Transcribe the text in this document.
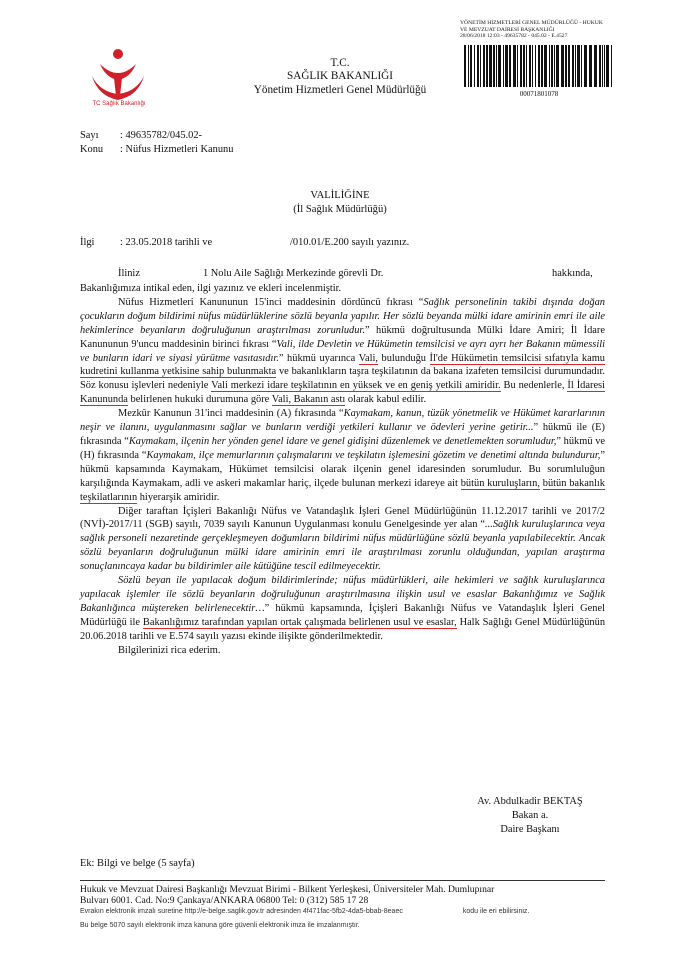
TC Sağlık Bakanlığı
T.C.
SAĞLIK BAKANLIĞI
Yönetim Hizmetleri Genel Müdürlüğü
YÖNETİM HİZMETLERİ GENEL MÜDÜRLÜĞÜ - HUKUK
VE MEVZUAT DAİRESİ BAŞKANLIĞI
28/06/2018 12:03 - 49635782 - 045.02 - E.4527
00071801078
Sayı : 49635782/045.02-
Konu : Nüfus Hizmetleri Kanunu
VALİLİĞİNE
(İl Sağlık Müdürlüğü)
İlgi : 23.05.2018 tarihli ve	/010.01/E.200 sayılı yazınız.
İliniz	1 Nolu Aile Sağlığı Merkezinde görevli Dr.	hakkında,

Bakanlığımıza intikal eden, ilgi yazınız ve ekleri incelenmiştir.

Nüfus Hizmetleri Kanununun 15'inci maddesinin dördüncü fıkrası “Sağlık personelinin takibi dışında doğan çocukların doğum bildirimi nüfus müdürlüklerine sözlü beyanla yapılır. Her sözlü beyanda mülki idare amirinin emri ile aile hekimlerince beyanların doğruluğunun araştırılması zorunludur.” hükmü doğrultusunda Mülki İdare Amiri; İl İdare Kanununun 9'uncu maddesinin birinci fıkrası “Vali, ilde Devletin ve Hükümetin temsilcisi ve ayrı ayrı her Bakanın mümessili ve bunların idari ve siyasi yürütme vasıtasıdır.” hükmü uyarınca Vali, bulunduğu İl'de Hükümetin temsilcisi sıfatıyla kamu kudretini kullanma yetkisine sahip bulunmakta ve bakanlıkların taşra teşkilatının da bakana izafeten temsilcisi durumundadır. Söz konusu işlevleri nedeniyle Vali merkezi idare teşkilatının en yüksek ve en geniş yetkili amiridir. Bu nedenlerle, İl İdaresi Kanununda belirlenen hukuki durumuna göre Vali, Bakanın astı olarak kabul edilir.

Mezkûr Kanunun 31'inci maddesinin (A) fıkrasında “Kaymakam, kanun, tüzük yönetmelik ve Hükümet kararlarının neşir ve ilanını, uygulanmasını sağlar ve bunların verdiği yetkileri kullanır ve ödevleri yerine getirir...” hükmü ile (E) fıkrasında “Kaymakam, ilçenin her yönden genel idare ve genel gidişini düzenlemek ve denetlemekten sorumludur,” hükmü ve (H) fıkrasında “Kaymakam, ilçe memurlarının çalışmalarını ve teşkilatın işlemesini gözetim ve denetimi altında bulundurur,” hükmü kapsamında Kaymakam, Hükümet temsilcisi olarak ilçenin genel idaresinden sorumludur. Bu sorumluluğun karşılığında Kaymakam, adli ve askeri makamlar hariç, ilçede bulunan merkezi idareye ait bütün kuruluşların, bütün bakanlık teşkilatlarının hiyerarşik amiridir.

Diğer taraftan İçişleri Bakanlığı Nüfus ve Vatandaşlık İşleri Genel Müdürlüğünün 11.12.2017 tarihli ve 2017/2 (NVİ)-2017/11 (SGB) sayılı, 7039 sayılı Kanunun Uygulanması konulu Genelgesinde yer alan “...Sağlık kuruluşlarınca veya sağlık personeli nezaretinde gerçekleşmeyen doğumların bildirimi nüfus müdürlüğüne sözlü beyanla yapılabilecektir. Ancak sözlü beyanların doğruluğunun mülki idare amirinin emri ile araştırılması zorunlu olduğundan, yapılan araştırma sonuçlanıncaya kadar bu bildirimler aile kütüğüne tescil edilmeyecektir.

Sözlü beyan ile yapılacak doğum bildirimlerinde; nüfus müdürlükleri, aile hekimleri ve sağlık kuruluşlarınca yapılacak işlemler ile sözlü beyanların doğruluğunun araştırılmasına ilişkin usul ve esaslar Bakanlığımız ve Sağlık Bakanlığınca müştereken belirlenecektir…” hükmü kapsamında, İçişleri Bakanlığı Nüfus ve Vatandaşlık İşleri Genel Müdürlüğü ile Bakanlığımız tarafından yapılan ortak çalışmada belirlenen usul ve esaslar, Halk Sağlığı Genel Müdürlüğünün 20.06.2018 tarihli ve E.574 sayılı yazısı ekinde ilişikte gönderilmektedir.

Bilgilerinizi rica ederim.

Av. Abdulkadir BEKTAŞ
Bakan a.
Daire Başkanı
Ek: Bilgi ve belge (5 sayfa)
Hukuk ve Mevzuat Dairesi Başkanlığı Mevzuat Birimi - Bilkent Yerleşkesi, Üniversiteler Mah. Dumlupınar
Bulvarı 6001. Cad. No:9 Çankaya/ANKARA 06800 Tel: 0 (312) 585 17 28
Evrakın elektronik imzalı suretine http://e-belge.saglik.gov.tr adresinden 4f471fac-5fb2-4da5-bbab-8eaec	kodu ile eri ebilirsiniz.
Bu belge 5070 sayılı elektronik imza kanuna göre güvenli elektronik imza ile imzalanmıştır.
